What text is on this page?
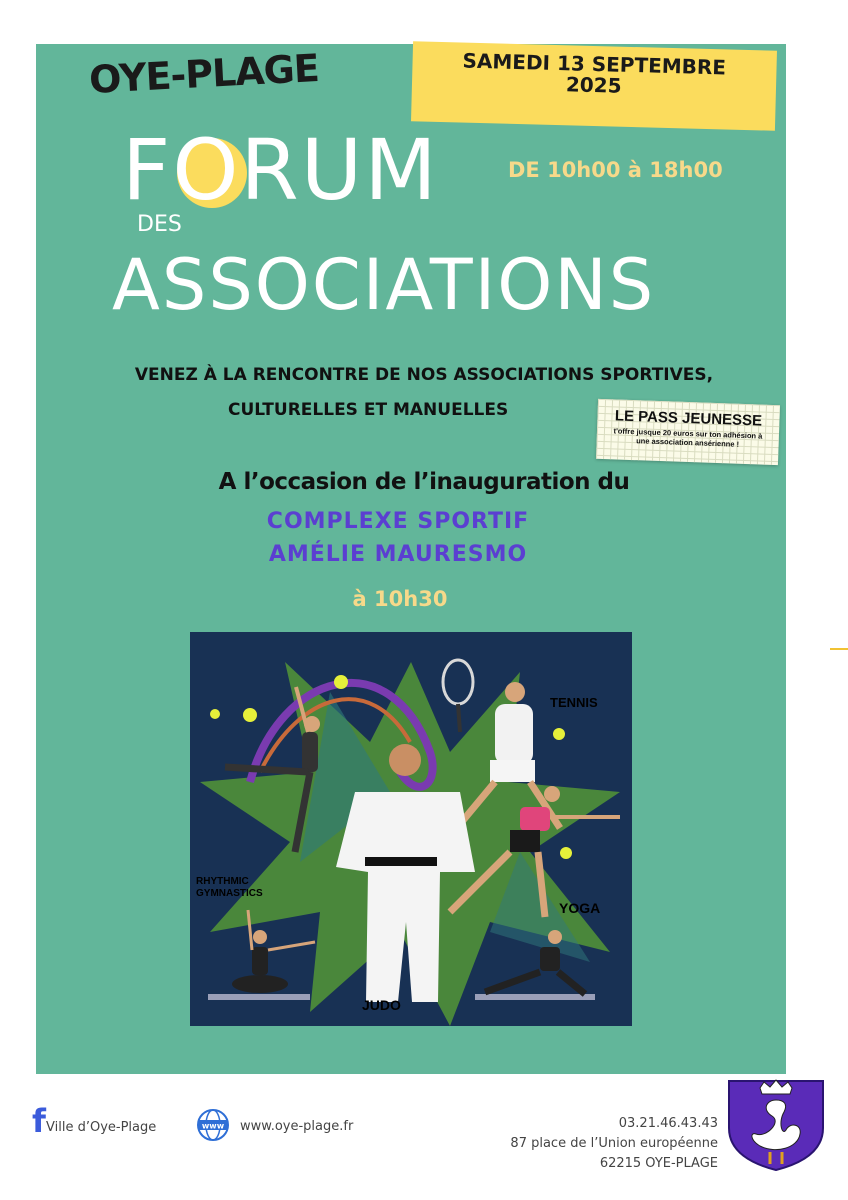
OYE-PLAGE	SAMEDI 13 SEPTEMBRE
2025
FORUM	DE 10h00 à 18h00
DES
ASSOCIATIONS
VENEZ À LA RENCONTRE DE NOS ASSOCIATIONS SPORTIVES,
CULTURELLES ET MANUELLES	LE PASS JEUNESSE
t'offre jusque 20 euros sur ton adhésion à une association ansérienne !
A l’occasion de l’inauguration du
COMPLEXE SPORTIF
AMÉLIE MAURESMO
à 10h30
TENNIS
RHYTHMIC
GYMNASTICS
YOGA
JUDO
f Ville d’Oye-Plage	www www.oye-plage.fr	03.21.46.43.43
87 place de l’Union européenne
62215 OYE-PLAGE
